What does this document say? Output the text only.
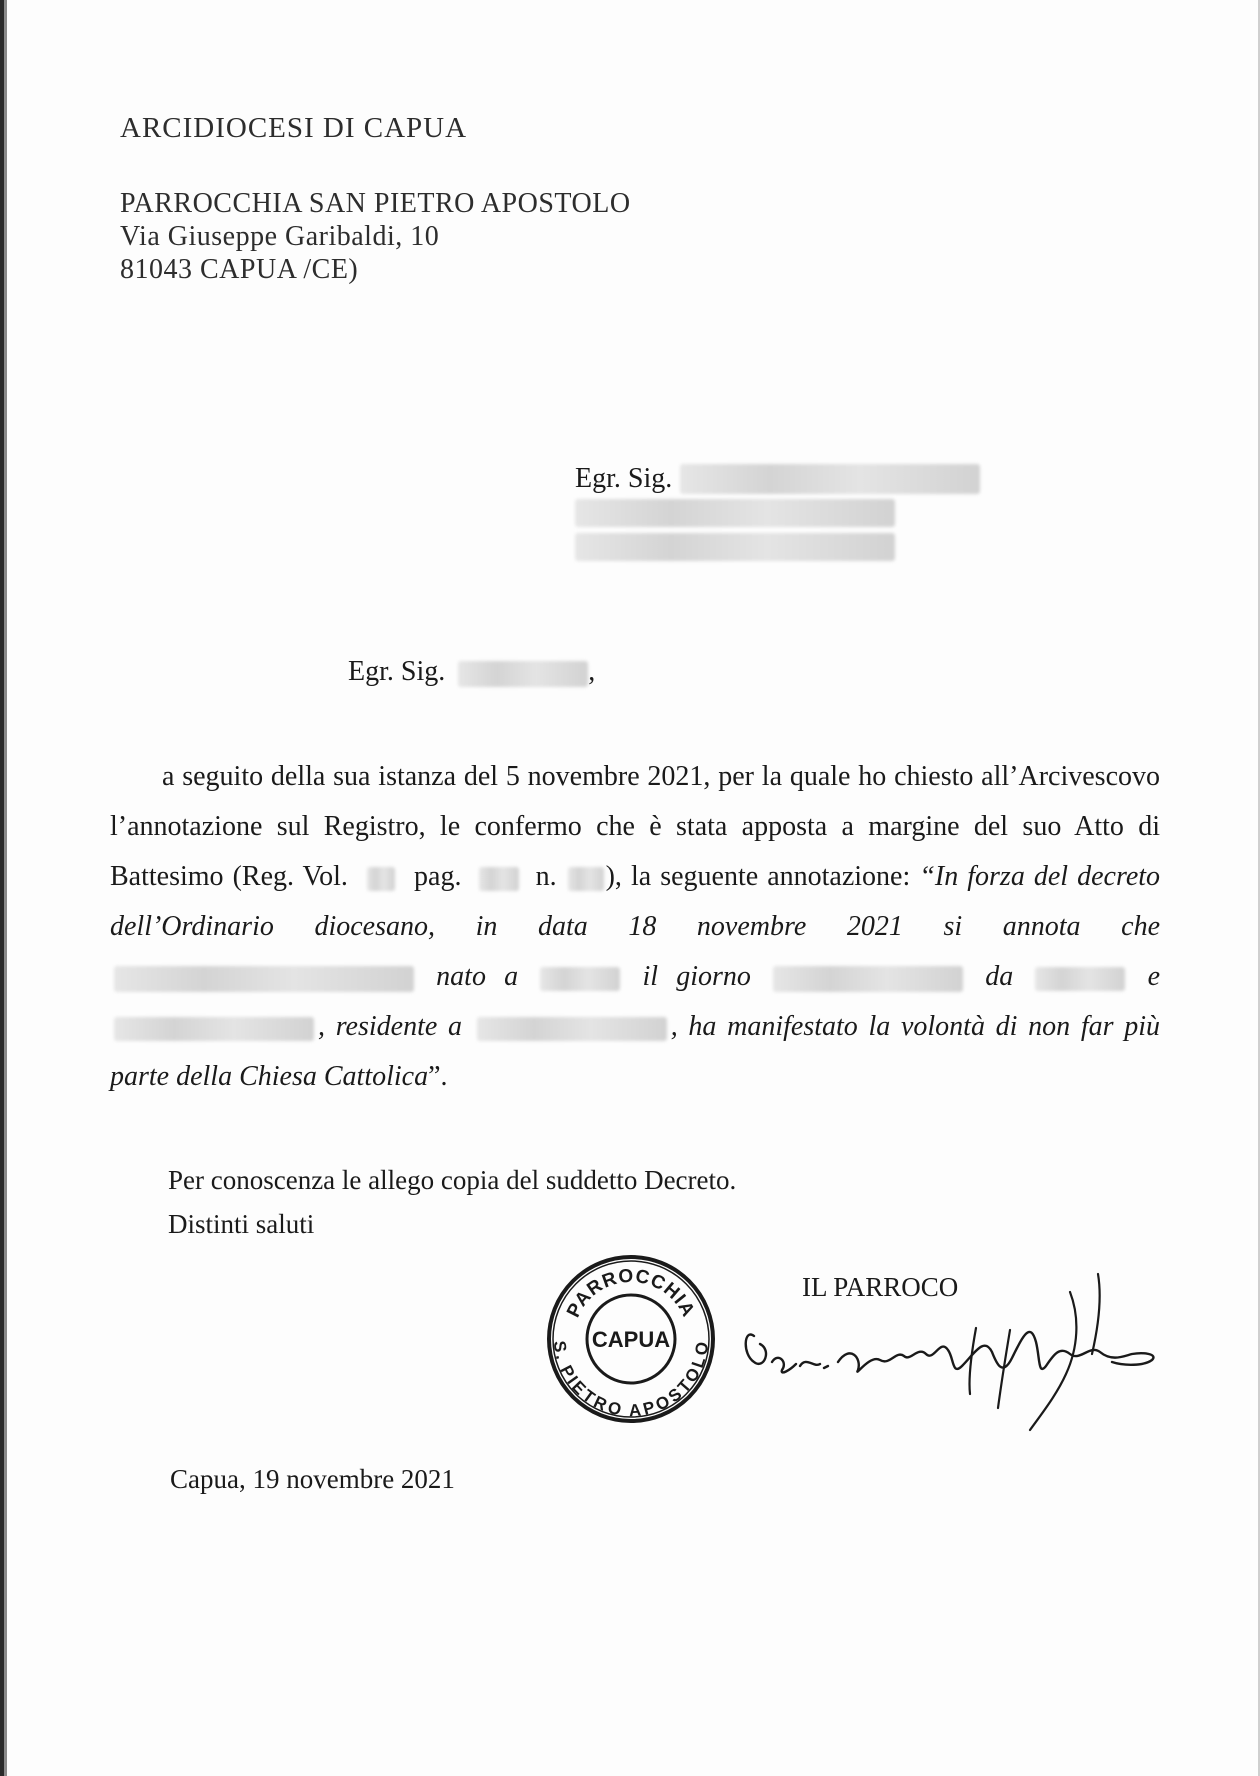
ARCIDIOCESI DI CAPUA
PARROCCHIA SAN PIETRO APOSTOLO
Via Giuseppe Garibaldi, 10
81043 CAPUA /CE)
Egr. Sig.
Egr. Sig.	,

a seguito della sua istanza del 5 novembre 2021, per la quale ho chiesto all’Arcivescovo l’annotazione sul Registro, le confermo che è stata apposta a margine del suo Atto di Battesimo (Reg. Vol. pag.	n. ), la seguente annotazione: “In forza del decreto dell’Ordinario diocesano, in data 18 novembre 2021 si annota che  nato a	il giorno	da	e , residente a	, ha manifestato la volontà di non far più parte della Chiesa Cattolica”.

Per conoscenza le allego copia del suddetto Decreto.
Distinti saluti
PARROCCHIA
S. PIETRO APOSTOLO
CAPUA
IL PARROCO
Capua, 19 novembre 2021
